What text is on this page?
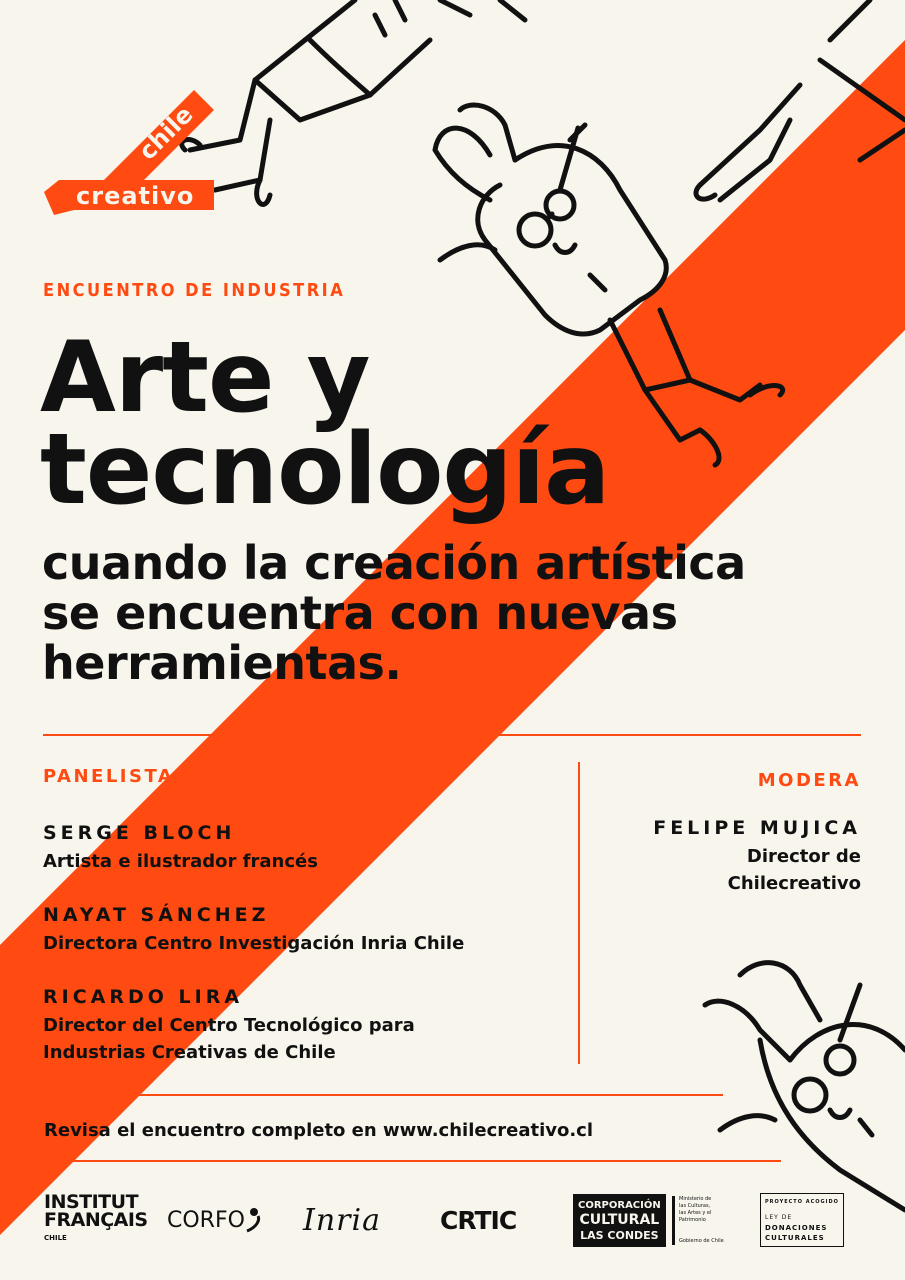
chile
creativo
ENCUENTRO DE INDUSTRIA
Arte y
tecnología
cuando la creación artística
se encuentra con nuevas
herramientas.
PANELISTAS	MODERA

SERGE BLOCH

Artista e ilustrador francés

NAYAT SÁNCHEZ

Directora Centro Investigación Inria Chile

RICARDO LIRA

Director del Centro Tecnológico para

Industrias Creativas de Chile

FELIPE MUJICA

Director de

Chilecreativo

Revisa el encuentro completo en www.chilecreativo.cl
INSTITUT
FRANÇAIS
CHILE
CORFO Inria CRTIC
CORPORACIÓN
CULTURAL
LAS CONDES
Ministerio de
las Culturas,
las Artes y el
Patrimonio
Gobierno de Chile
PROYECTO ACOGIDO
LEY DE
DONACIONES
CULTURALES
